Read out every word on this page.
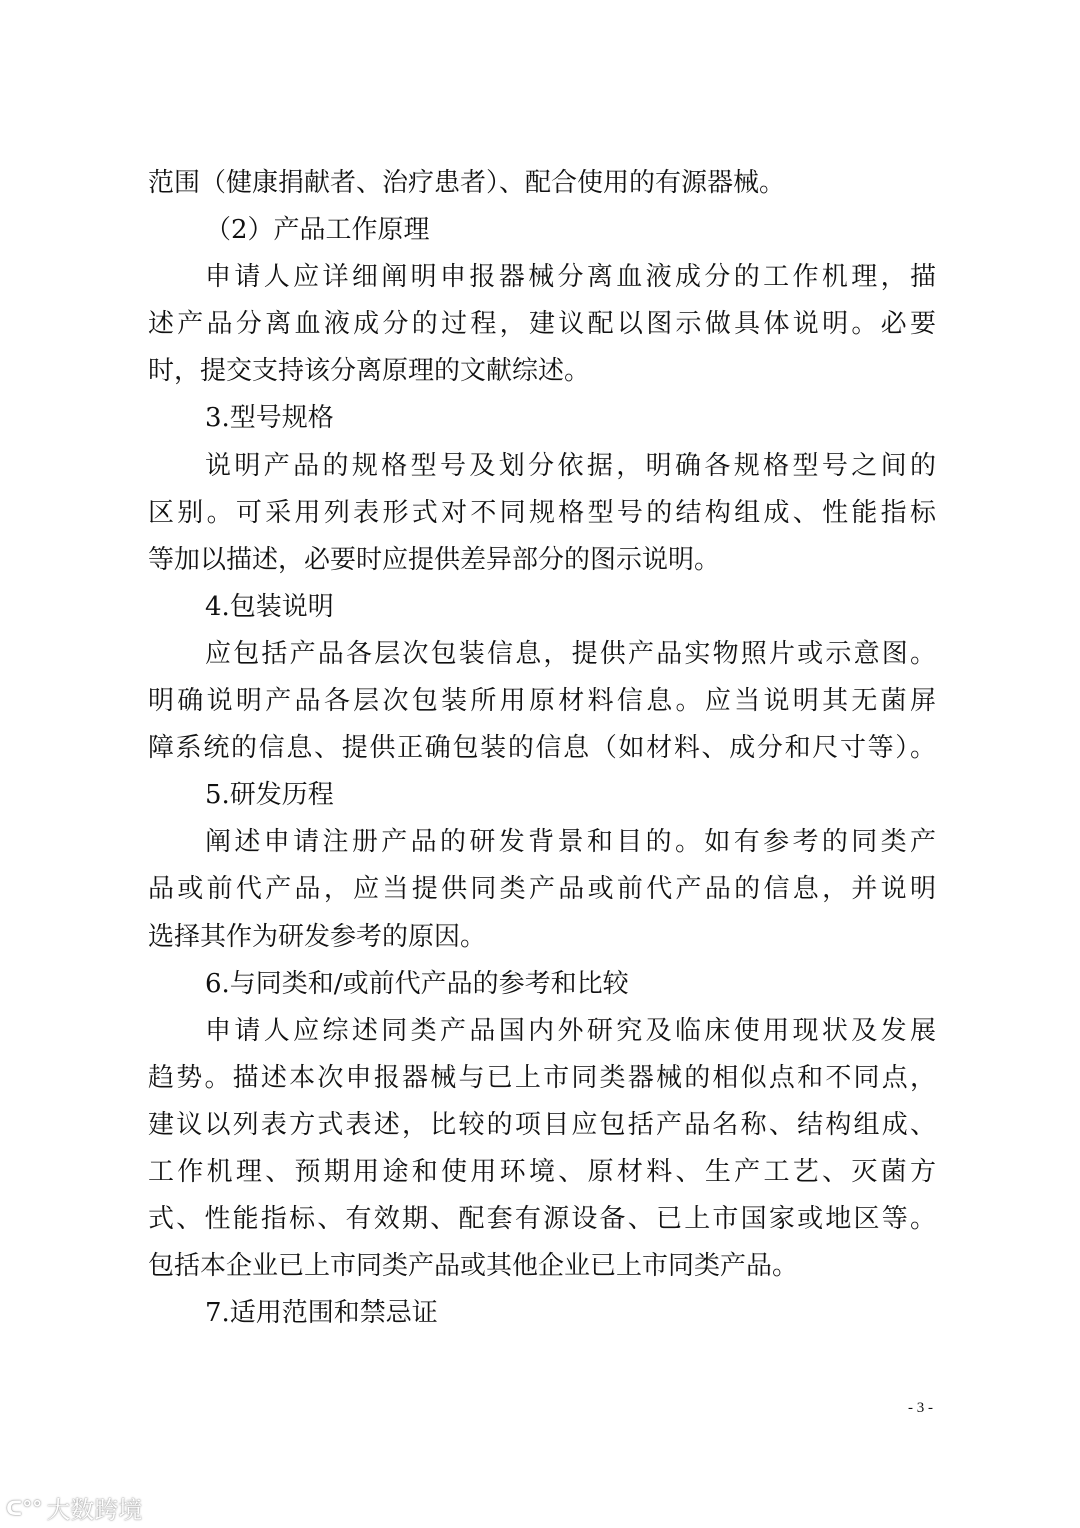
范围（健康捐献者、治疗患者）、配合使用的有源器械。
（2）产品工作原理
申请人应详细阐明申报器械分离血液成分的工作机理，描
述产品分离血液成分的过程，建议配以图示做具体说明。必要
时，提交支持该分离原理的文献综述。
3.型号规格
说明产品的规格型号及划分依据，明确各规格型号之间的
区别。可采用列表形式对不同规格型号的结构组成、性能指标
等加以描述，必要时应提供差异部分的图示说明。
4.包装说明
应包括产品各层次包装信息，提供产品实物照片或示意图。
明确说明产品各层次包装所用原材料信息。应当说明其无菌屏
障系统的信息、提供正确包装的信息（如材料、成分和尺寸等）。
5.研发历程
阐述申请注册产品的研发背景和目的。如有参考的同类产
品或前代产品，应当提供同类产品或前代产品的信息，并说明
选择其作为研发参考的原因。
6.与同类和/或前代产品的参考和比较
申请人应综述同类产品国内外研究及临床使用现状及发展
趋势。描述本次申报器械与已上市同类器械的相似点和不同点，
建议以列表方式表述，比较的项目应包括产品名称、结构组成、
工作机理、预期用途和使用环境、原材料、生产工艺、灭菌方
式、性能指标、有效期、配套有源设备、已上市国家或地区等。
包括本企业已上市同类产品或其他企业已上市同类产品。
7.适用范围和禁忌证
- 3 -
ᑕ°° 大数跨境
